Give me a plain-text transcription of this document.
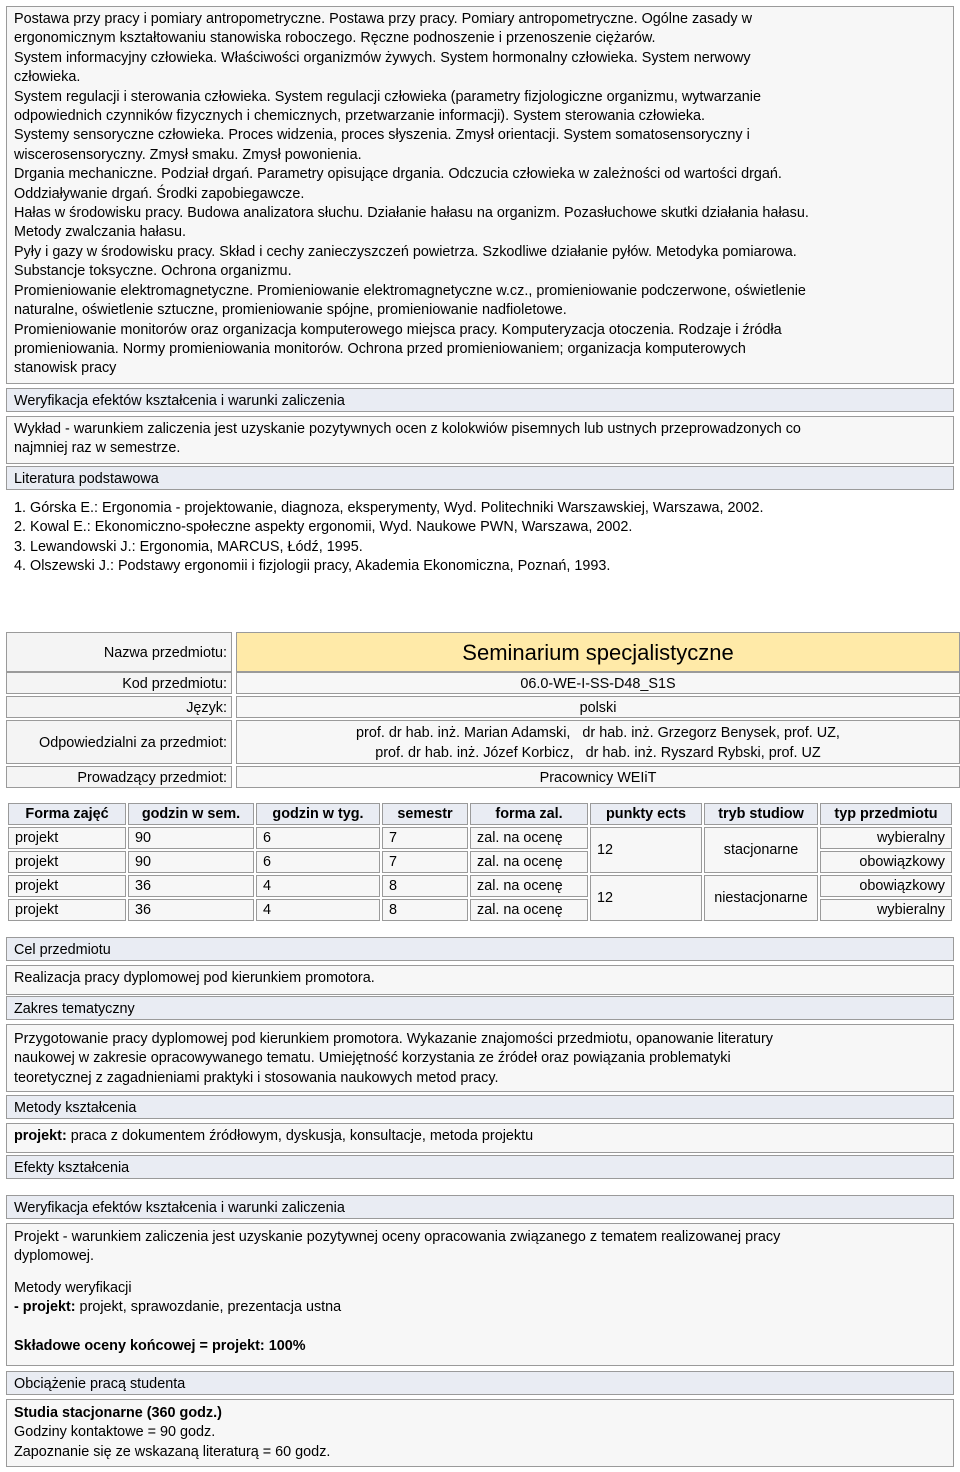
Postawa przy pracy i pomiary antropometryczne. Postawa przy pracy. Pomiary antropometryczne. Ogólne zasady w
ergonomicznym kształtowaniu stanowiska roboczego. Ręczne podnoszenie i przenoszenie ciężarów.
System informacyjny człowieka. Właściwości organizmów żywych. System hormonalny człowieka. System nerwowy
człowieka.
System regulacji i sterowania człowieka. System regulacji człowieka (parametry fizjologiczne organizmu, wytwarzanie
odpowiednich czynników fizycznych i chemicznych, przetwarzanie informacji). System sterowania człowieka.
Systemy sensoryczne człowieka. Proces widzenia, proces słyszenia. Zmysł orientacji. System somatosensoryczny i
wiscerosensoryczny. Zmysł smaku. Zmysł powonienia.
Drgania mechaniczne. Podział drgań. Parametry opisujące drgania. Odczucia człowieka w zależności od wartości drgań.
Oddziaływanie drgań. Środki zapobiegawcze.
Hałas w środowisku pracy. Budowa analizatora słuchu. Działanie hałasu na organizm. Pozasłuchowe skutki działania hałasu.
Metody zwalczania hałasu.
Pyły i gazy w środowisku pracy. Skład i cechy zanieczyszczeń powietrza. Szkodliwe działanie pyłów. Metodyka pomiarowa.
Substancje toksyczne. Ochrona organizmu.
Promieniowanie elektromagnetyczne. Promieniowanie elektromagnetyczne w.cz., promieniowanie podczerwone, oświetlenie
naturalne, oświetlenie sztuczne, promieniowanie spójne, promieniowanie nadfioletowe.
Promieniowanie monitorów oraz organizacja komputerowego miejsca pracy. Komputeryzacja otoczenia. Rodzaje i źródła
promieniowania. Normy promieniowania monitorów. Ochrona przed promieniowaniem; organizacja komputerowych
stanowisk pracy
Weryfikacja efektów kształcenia i warunki zaliczenia
Wykład - warunkiem zaliczenia jest uzyskanie pozytywnych ocen z kolokwiów pisemnych lub ustnych przeprowadzonych co
najmniej raz w semestrze.
Literatura podstawowa
1. Górska E.: Ergonomia - projektowanie, diagnoza, eksperymenty, Wyd. Politechniki Warszawskiej, Warszawa, 2002.
2. Kowal E.: Ekonomiczno-społeczne aspekty ergonomii, Wyd. Naukowe PWN, Warszawa, 2002.
3. Lewandowski J.: Ergonomia, MARCUS, Łódź, 1995.
4. Olszewski J.: Podstawy ergonomii i fizjologii pracy, Akademia Ekonomiczna, Poznań, 1993.
Nazwa przedmiotu:	Seminarium specjalistyczne
Kod przedmiotu:	06.0-WE-I-SS-D48_S1S
Język:	polski
Odpowiedzialni za przedmiot:
prof. dr hab. inż. Marian Adamski,   dr hab. inż. Grzegorz Benysek, prof. UZ,
prof. dr hab. inż. Józef Korbicz,   dr hab. inż. Ryszard Rybski, prof. UZ
Prowadzący przedmiot:	Pracownicy WEIiT
Forma zajęć	godzin w sem.	godzin w tyg.	semestr	forma zal.	punkty ects	tryb studiow	typ przedmiotu
projekt	90	6	7	zal. na ocenę	12	stacjonarne	wybieralny
projekt	90	6	7	zal. na ocenę			obowiązkowy
projekt	36	4	8	zal. na ocenę	12	niestacjonarne	obowiązkowy
projekt	36	4	8	zal. na ocenę			wybieralny
Cel przedmiotu
Realizacja pracy dyplomowej pod kierunkiem promotora.
Zakres tematyczny
Przygotowanie pracy dyplomowej pod kierunkiem promotora. Wykazanie znajomości przedmiotu, opanowanie literatury
naukowej w zakresie opracowywanego tematu. Umiejętność korzystania ze źródeł oraz powiązania problematyki
teoretycznej z zagadnieniami praktyki i stosowania naukowych metod pracy.
Metody kształcenia
projekt: praca z dokumentem źródłowym, dyskusja, konsultacje, metoda projektu
Efekty kształcenia
Weryfikacja efektów kształcenia i warunki zaliczenia
Projekt - warunkiem zaliczenia jest uzyskanie pozytywnej oceny opracowania związanego z tematem realizowanej pracy
dyplomowej.
Metody weryfikacji
- projekt: projekt, sprawozdanie, prezentacja ustna
Składowe oceny końcowej = projekt: 100%
Obciążenie pracą studenta
Studia stacjonarne (360 godz.)
Godziny kontaktowe = 90 godz.
Zapoznanie się ze wskazaną literaturą = 60 godz.
